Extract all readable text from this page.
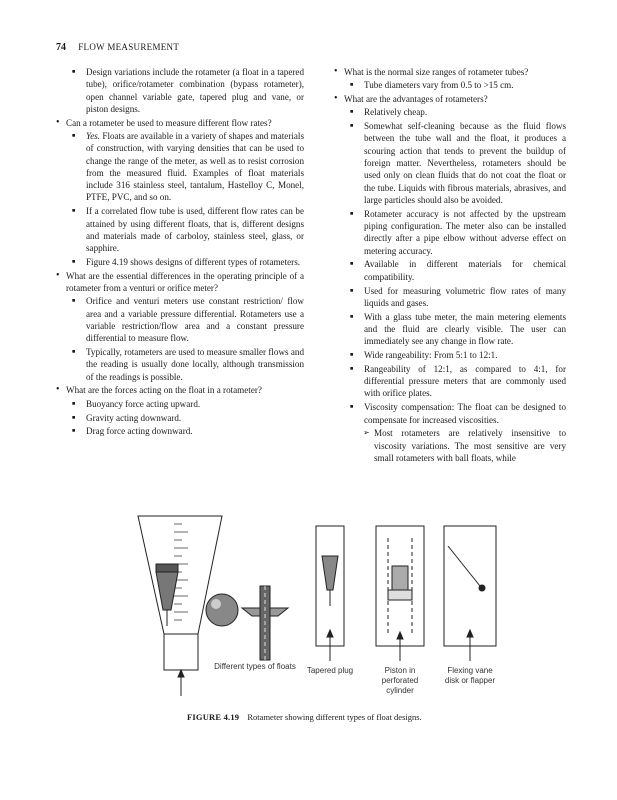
74 FLOW MEASUREMENT
■ Design variations include the rotameter (a float in a tapered tube), orifice/rotameter combination (bypass rotameter), open channel variable gate, tapered plug and vane, or piston designs.
• Can a rotameter be used to measure different flow rates?
■ Yes. Floats are available in a variety of shapes and materials of construction, with varying densities that can be used to change the range of the meter, as well as to resist corrosion from the measured fluid. Examples of float materials include 316 stainless steel, tantalum, Hastelloy C, Monel, PTFE, PVC, and so on.
■ If a correlated flow tube is used, different flow rates can be attained by using different floats, that is, different designs and materials made of carboloy, stainless steel, glass, or sapphire.
■ Figure 4.19 shows designs of different types of rotameters.
• What are the essential differences in the operating principle of a rotameter from a venturi or orifice meter?
■ Orifice and venturi meters use constant restriction/ flow area and a variable pressure differential. Rotameters use a variable restriction/flow area and a constant pressure differential to measure flow.
■ Typically, rotameters are used to measure smaller flows and the reading is usually done locally, although transmission of the readings is possible.
• What are the forces acting on the float in a rotameter?
■ Buoyancy force acting upward.
■ Gravity acting downward.
■ Drag force acting downward.
• What is the normal size ranges of rotameter tubes?
■ Tube diameters vary from 0.5 to >15 cm.
• What are the advantages of rotameters?
■ Relatively cheap.
■ Somewhat self-cleaning because as the fluid flows between the tube wall and the float, it produces a scouring action that tends to prevent the buildup of foreign matter. Nevertheless, rotameters should be used only on clean fluids that do not coat the float or the tube. Liquids with fibrous materials, abrasives, and large particles should also be avoided.
■ Rotameter accuracy is not affected by the upstream piping configuration. The meter also can be installed directly after a pipe elbow without adverse effect on metering accuracy.
■ Available in different materials for chemical compatibility.
■ Used for measuring volumetric flow rates of many liquids and gases.
■ With a glass tube meter, the main metering elements and the fluid are clearly visible. The user can immediately see any change in flow rate.
■ Wide rangeability: From 5:1 to 12:1.
■ Rangeability of 12:1, as compared to 4:1, for differential pressure meters that are commonly used with orifice plates.
■ Viscosity compensation: The float can be designed to compensate for increased viscosities.
➢ Most rotameters are relatively insensitive to viscosity variations. The most sensitive are very small rotameters with ball floats, while
Different types of floats	Tapered plug	Piston in perforated cylinder
Flexing vane disk or flapper
FIGURE 4.19 Rotameter showing different types of float designs.
